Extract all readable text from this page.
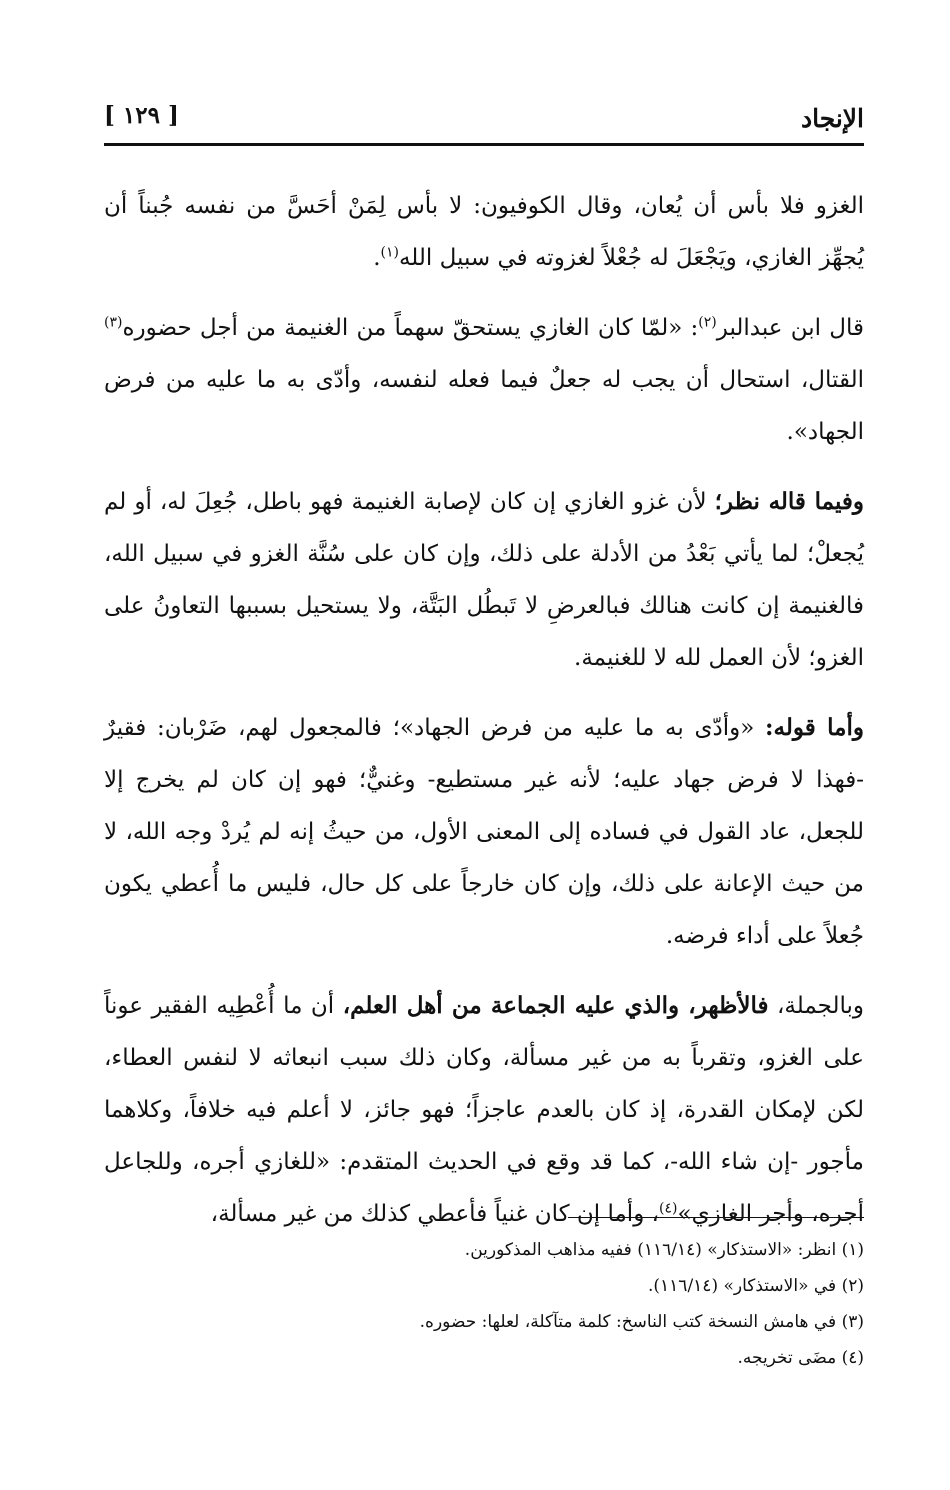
الإنجاد
[ ١٢٩ ]

الغزو فلا بأس أن يُعان، وقال الكوفيون: لا بأس لِمَنْ أحَسَّ من نفسه جُبناً أن يُجهِّز الغازي، ويَجْعَلَ له جُعْلاً لغزوته في سبيل الله$^{(١)}$.

قال ابن عبدالبر$^{(٢)}$: «لمّا كان الغازي يستحقّ سهماً من الغنيمة من أجل حضوره$^{(٣)}$ القتال، استحال أن يجب له جعلٌ فيما فعله لنفسه، وأدّى به ما عليه من فرض الجهاد».

وفيما قاله نظر؛ لأن غزو الغازي إن كان لإصابة الغنيمة فهو باطل، جُعِلَ له، أو لم يُجعلْ؛ لما يأتي بَعْدُ من الأدلة على ذلك، وإن كان على سُنَّة الغزو في سبيل الله، فالغنيمة إن كانت هنالك فبالعرضِ لا تَبطُل البَتَّة، ولا يستحيل بسببها التعاونُ على الغزو؛ لأن العمل لله لا للغنيمة.

وأما قوله: «وأدّى به ما عليه من فرض الجهاد»؛ فالمجعول لهم، ضَرْبان: فقيرٌ -فهذا لا فرض جهاد عليه؛ لأنه غير مستطيع- وغنيٌّ؛ فهو إن كان لم يخرج إلا للجعل، عاد القول في فساده إلى المعنى الأول، من حيثُ إنه لم يُردْ وجه الله، لا من حيث الإعانة على ذلك، وإن كان خارجاً على كل حال، فليس ما أُعطي يكون جُعلاً على أداء فرضه.

وبالجملة، فالأظهر، والذي عليه الجماعة من أهل العلم، أن ما أُعْطِيه الفقير عوناً على الغزو، وتقرباً به من غير مسألة، وكان ذلك سبب انبعاثه لا لنفس العطاء، لكن لإمكان القدرة، إذ كان بالعدم عاجزاً؛ فهو جائز، لا أعلم فيه خلافاً، وكلاهما مأجور -إن شاء الله-، كما قد وقع في الحديث المتقدم: «للغازي أجره، وللجاعل أجره، وأجر الغازي»$^{(٤)}$، وأما إن كان غنياً فأعطي كذلك من غير مسألة،

(١) انظر: «الاستذكار» (١١٦/١٤) ففيه مذاهب المذكورين.

(٢) في «الاستذكار» (١١٦/١٤).

(٣) في هامش النسخة كتب الناسخ: كلمة متآكلة، لعلها: حضوره.

(٤) مضَى تخريجه.
